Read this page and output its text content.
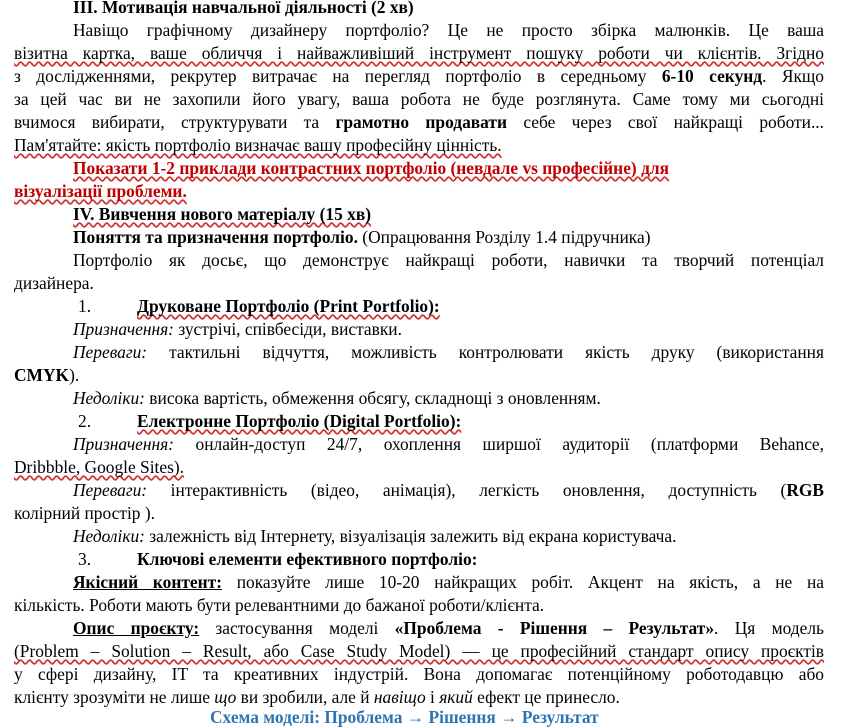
III. Мотивація навчальної діяльності (2 хв)
Навіщо графічному дизайнеру портфоліо? Це не просто збірка малюнків. Це ваша
візитна картка, ваше обличчя і найважливіший інструмент пошуку роботи чи клієнтів. Згідно
з дослідженнями, рекрутер витрачає на перегляд портфоліо в середньому 6-10 секунд. Якщо
за цей час ви не захопили його увагу, ваша робота не буде розглянута. Саме тому ми сьогодні
вчимося вибирати, структурувати та грамотно продавати себе через свої найкращі роботи...
Пам'ятайте: якість портфоліо визначає вашу професійну цінність.
Показати 1-2 приклади контрастних портфоліо (невдале vs професійне) для
візуалізації проблеми.
IV. Вивчення нового матеріалу (15 хв)
Поняття та призначення портфоліо. (Опрацювання Розділу 1.4 підручника)
Портфоліо як досьє, що демонструє найкращі роботи, навички та творчий потенціал
дизайнера.
1.	Друковане Портфоліо (Print Portfolio):
Призначення: зустрічі, співбесіди, виставки.
Переваги: тактильні відчуття, можливість контролювати якість друку (використання
CMYK).
Недоліки: висока вартість, обмеження обсягу, складнощі з оновленням.
2.	Електронне Портфоліо (Digital Portfolio):
Призначення: онлайн-доступ 24/7, охоплення ширшої аудиторії (платформи Behance,
Dribbble, Google Sites).
Переваги: інтерактивність (відео, анімація), легкість оновлення, доступність (RGB
колірний простір ).
Недоліки: залежність від Інтернету, візуалізація залежить від екрана користувача.
3.	Ключові елементи ефективного портфоліо:
Якісний контент: показуйте лише 10-20 найкращих робіт. Акцент на якість, а не на
кількість. Роботи мають бути релевантними до бажаної роботи/клієнта.
Опис проєкту: застосування моделі «Проблема - Рішення – Результат». Ця модель
(Problem – Solution – Result, або Case Study Model) — це професійний стандарт опису проєктів
у сфері дизайну, IT та креативних індустрій. Вона допомагає потенційному роботодавцю або
клієнту зрозуміти не лише що ви зробили, але й навіщо і який ефект це принесло.
Схема моделі: Проблема → Рішення → Результат
